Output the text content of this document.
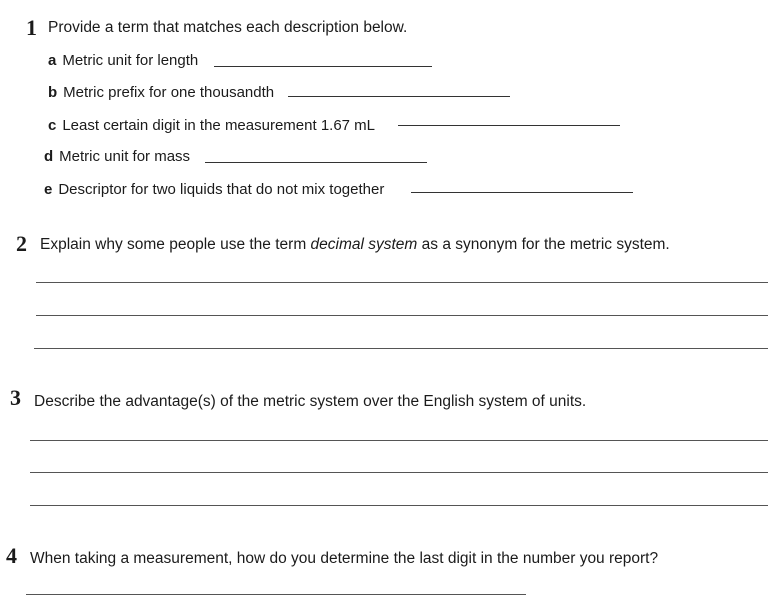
1 Provide a term that matches each description below.
a Metric unit for length
b Metric prefix for one thousandth
c Least certain digit in the measurement 1.67 mL
d Metric unit for mass
e Descriptor for two liquids that do not mix together
2 Explain why some people use the term decimal system as a synonym for the metric system.
3 Describe the advantage(s) of the metric system over the English system of units.
4 When taking a measurement, how do you determine the last digit in the number you report?
